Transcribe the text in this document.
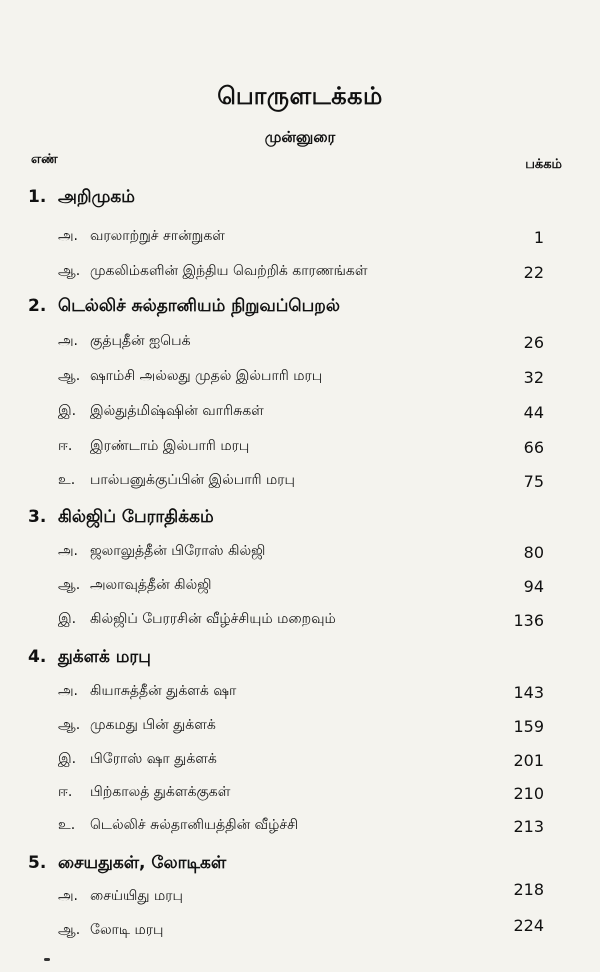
பொருளடக்கம்
முன்னுரை
எண்	பக்கம்
1. அறிமுகம்
அ. வரலாற்றுச் சான்றுகள்	1
ஆ. முகலிம்களின் இந்திய வெற்றிக் காரணங்கள்	22
2. டெல்லிச் சுல்தானியம் நிறுவப்பெறல்
அ. குத்புதீன் ஐபெக்	26
ஆ. ஷாம்சி அல்லது முதல் இல்பாரி மரபு	32
இ. இல்துத்மிஷ்ஷின் வாரிசுகள்	44
ஈ. இரண்டாம் இல்பாரி மரபு	66
உ. பால்பனுக்குப்பின் இல்பாரி மரபு	75
3. கில்ஜிப் பேராதிக்கம்
அ. ஜலாலுத்தீன் பிரோஸ் கில்ஜி	80
ஆ. அலாவுத்தீன் கில்ஜி	94
இ. கில்ஜிப் பேரரசின் வீழ்ச்சியும் மறைவும்	136
4. துக்ளக் மரபு
அ. கியாசுத்தீன் துக்ளக் ஷா	143
ஆ. முகமது பின் துக்ளக்	159
இ. பிரோஸ் ஷா துக்ளக்	201
ஈ. பிற்காலத் துக்ளக்குகள்	210
உ. டெல்லிச் சுல்தானியத்தின் வீழ்ச்சி	213
5. சையதுகள், லோடிகள்
அ. சைய்யிது மரபு	218
ஆ. லோடி மரபு	224
